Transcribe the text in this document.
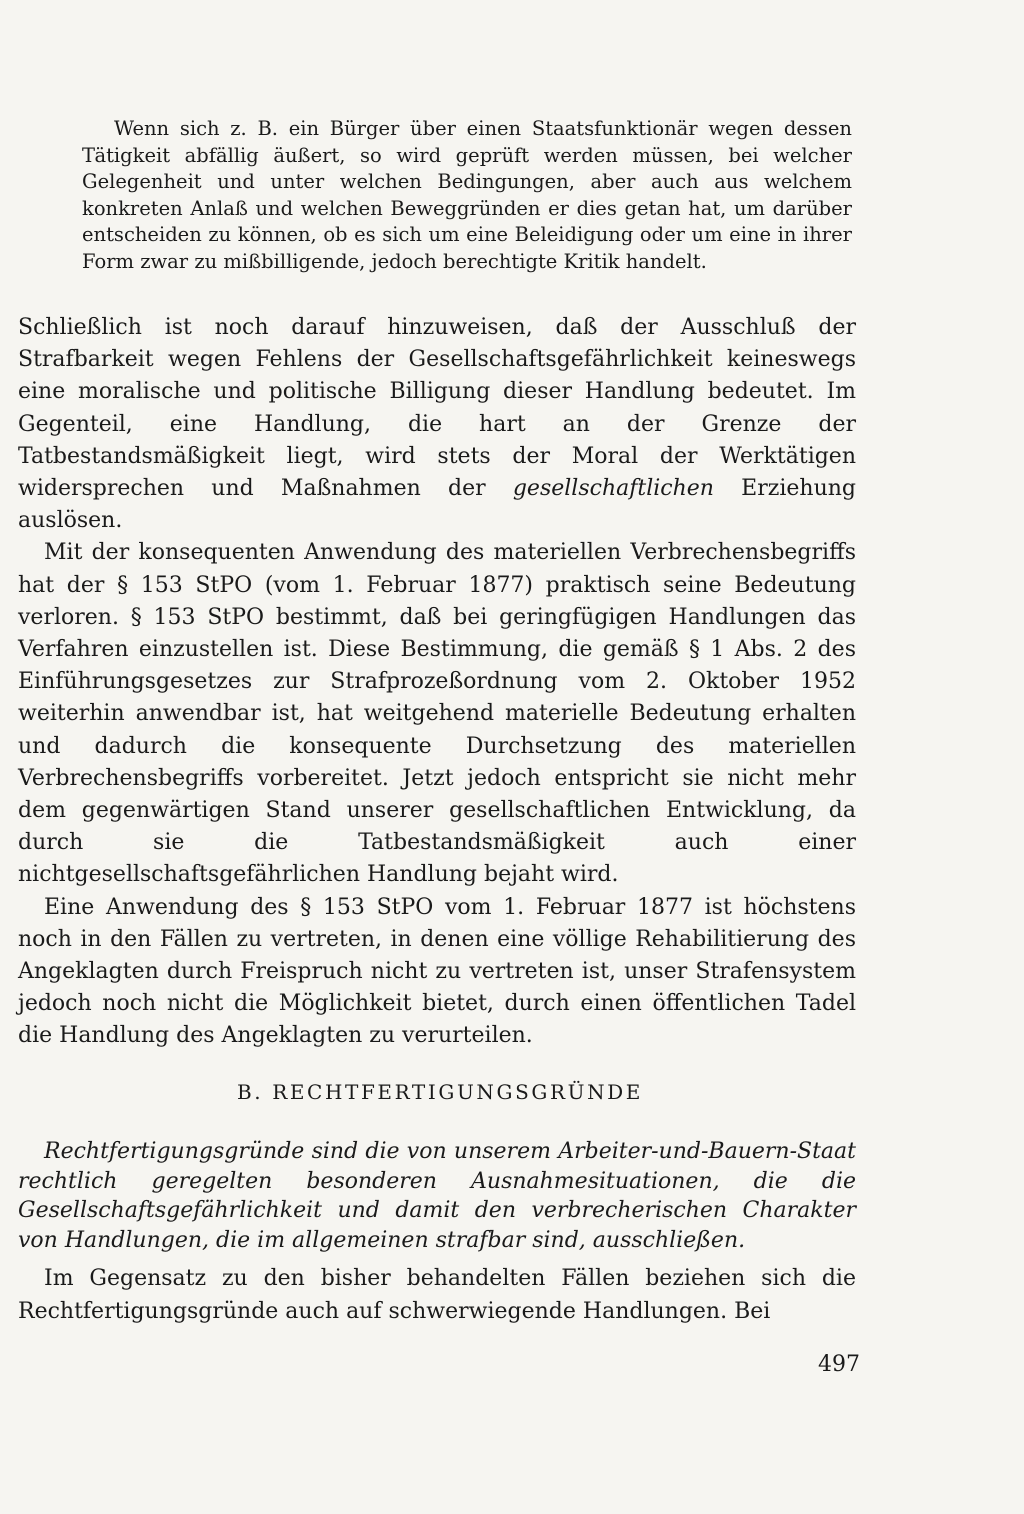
Wenn sich z. B. ein Bürger über einen Staatsfunktionär wegen dessen Tätigkeit abfällig äußert, so wird geprüft werden müssen, bei welcher Gelegenheit und unter welchen Bedingungen, aber auch aus welchem konkreten Anlaß und welchen Beweggründen er dies getan hat, um darüber entscheiden zu können, ob es sich um eine Beleidigung oder um eine in ihrer Form zwar zu mißbilligende, jedoch berechtigte Kritik handelt.

Schließlich ist noch darauf hinzuweisen, daß der Ausschluß der Strafbarkeit wegen Fehlens der Gesellschaftsgefährlichkeit keineswegs eine moralische und politische Billigung dieser Handlung bedeutet. Im Gegenteil, eine Handlung, die hart an der Grenze der Tatbestandsmäßigkeit liegt, wird stets der Moral der Werktätigen widersprechen und Maßnahmen der gesellschaftlichen Erziehung auslösen.

Mit der konsequenten Anwendung des materiellen Verbrechensbegriffs hat der § 153 StPO (vom 1. Februar 1877) praktisch seine Bedeutung verloren. § 153 StPO bestimmt, daß bei geringfügigen Handlungen das Verfahren einzustellen ist. Diese Bestimmung, die gemäß § 1 Abs. 2 des Einführungsgesetzes zur Strafprozeßordnung vom 2. Oktober 1952 weiterhin anwendbar ist, hat weitgehend materielle Bedeutung erhalten und dadurch die konsequente Durchsetzung des materiellen Verbrechensbegriffs vorbereitet. Jetzt jedoch entspricht sie nicht mehr dem gegenwärtigen Stand unserer gesellschaftlichen Entwicklung, da durch sie die Tatbestandsmäßigkeit auch einer nichtgesellschaftsgefährlichen Handlung bejaht wird.

Eine Anwendung des § 153 StPO vom 1. Februar 1877 ist höchstens noch in den Fällen zu vertreten, in denen eine völlige Rehabilitierung des Angeklagten durch Freispruch nicht zu vertreten ist, unser Strafensystem jedoch noch nicht die Möglichkeit bietet, durch einen öffentlichen Tadel die Handlung des Angeklagten zu verurteilen.

B. RECHTFERTIGUNGSGRÜNDE

Rechtfertigungsgründe sind die von unserem Arbeiter-und-Bauern-Staat rechtlich geregelten besonderen Ausnahmesituationen, die die Gesellschaftsgefährlichkeit und damit den verbrecherischen Charakter von Handlungen, die im allgemeinen strafbar sind, ausschließen.

Im Gegensatz zu den bisher behandelten Fällen beziehen sich die Rechtfertigungsgründe auch auf schwerwiegende Handlungen. Bei

497
